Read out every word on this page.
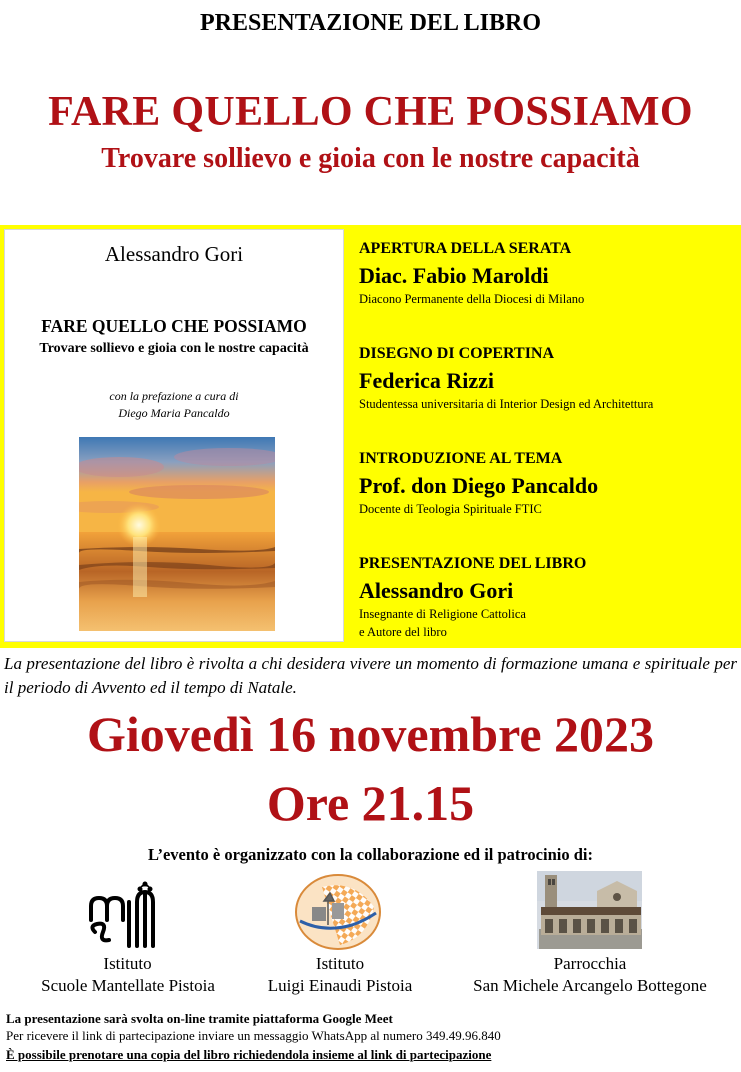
PRESENTAZIONE DEL LIBRO
FARE QUELLO CHE POSSIAMO
Trovare sollievo e gioia con le nostre capacità
Alessandro Gori
FARE QUELLO CHE POSSIAMO
Trovare sollievo e gioia con le nostre capacità
con la prefazione a cura di
Diego Maria Pancaldo
APERTURA DELLA SERATA
Diac. Fabio Maroldi
Diacono Permanente della Diocesi di Milano
DISEGNO DI COPERTINA
Federica Rizzi
Studentessa universitaria di Interior Design ed Architettura
INTRODUZIONE AL TEMA
Prof. don Diego Pancaldo
Docente di Teologia Spirituale FTIC
PRESENTAZIONE DEL LIBRO
Alessandro Gori
Insegnante di Religione Cattolica
e Autore del libro
La presentazione del libro è rivolta a chi desidera vivere un momento di formazione umana e spirituale per il periodo di Avvento ed il tempo di Natale.
Giovedì 16 novembre 2023
Ore 21.15
L’evento è organizzato con la collaborazione ed il patrocinio di:
Istituto
Scuole Mantellate Pistoia
Istituto
Luigi Einaudi Pistoia
Parrocchia
San Michele Arcangelo Bottegone
La presentazione sarà svolta on-line tramite piattaforma Google Meet
Per ricevere il link di partecipazione inviare un messaggio WhatsApp al numero 349.49.96.840
È possibile prenotare una copia del libro richiedendola insieme al link di partecipazione
